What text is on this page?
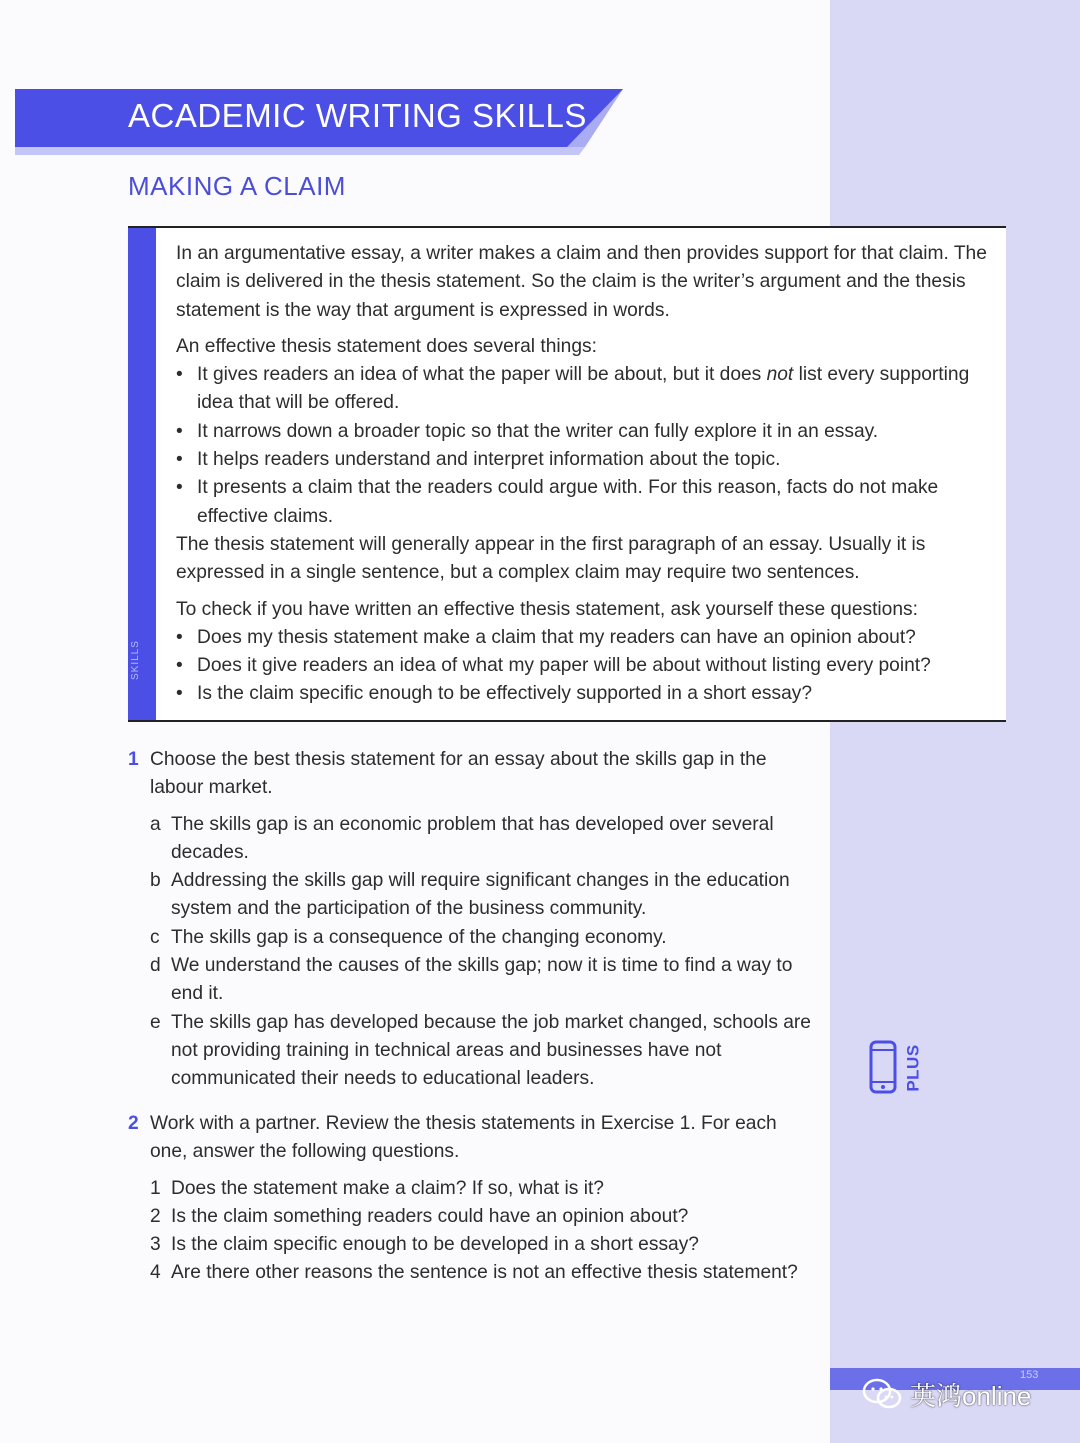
ACADEMIC WRITING SKILLS
MAKING A CLAIM
SKILLS

In an argumentative essay, a writer makes a claim and then provides support for that claim. The claim is delivered in the thesis statement. So the claim is the writer’s argument and the thesis statement is the way that argument is expressed in words.

An effective thesis statement does several things:

• It gives readers an idea of what the paper will be about, but it does not list every supporting idea that will be offered.
• It narrows down a broader topic so that the writer can fully explore it in an essay.
• It helps readers understand and interpret information about the topic.
• It presents a claim that the readers could argue with. For this reason, facts do not make effective claims.

The thesis statement will generally appear in the first paragraph of an essay. Usually it is expressed in a single sentence, but a complex claim may require two sentences.

To check if you have written an effective thesis statement, ask yourself these questions:

• Does my thesis statement make a claim that my readers can have an opinion about?
• Does it give readers an idea of what my paper will be about without listing every point?
• Is the claim specific enough to be effectively supported in a short essay?
1 Choose the best thesis statement for an essay about the skills gap in the labour market.
a The skills gap is an economic problem that has developed over several decades.
b Addressing the skills gap will require significant changes in the education system and the participation of the business community.
c The skills gap is a consequence of the changing economy.
d We understand the causes of the skills gap; now it is time to find a way to end it.
e The skills gap has developed because the job market changed, schools are not providing training in technical areas and businesses have not communicated their needs to educational leaders.
2 Work with a partner. Review the thesis statements in Exercise 1. For each one, answer the following questions.
1 Does the statement make a claim? If so, what is it?
2 Is the claim something readers could have an opinion about?
3 Is the claim specific enough to be developed in a short essay?
4 Are there other reasons the sentence is not an effective thesis statement?
PLUS
153
英鸿online
